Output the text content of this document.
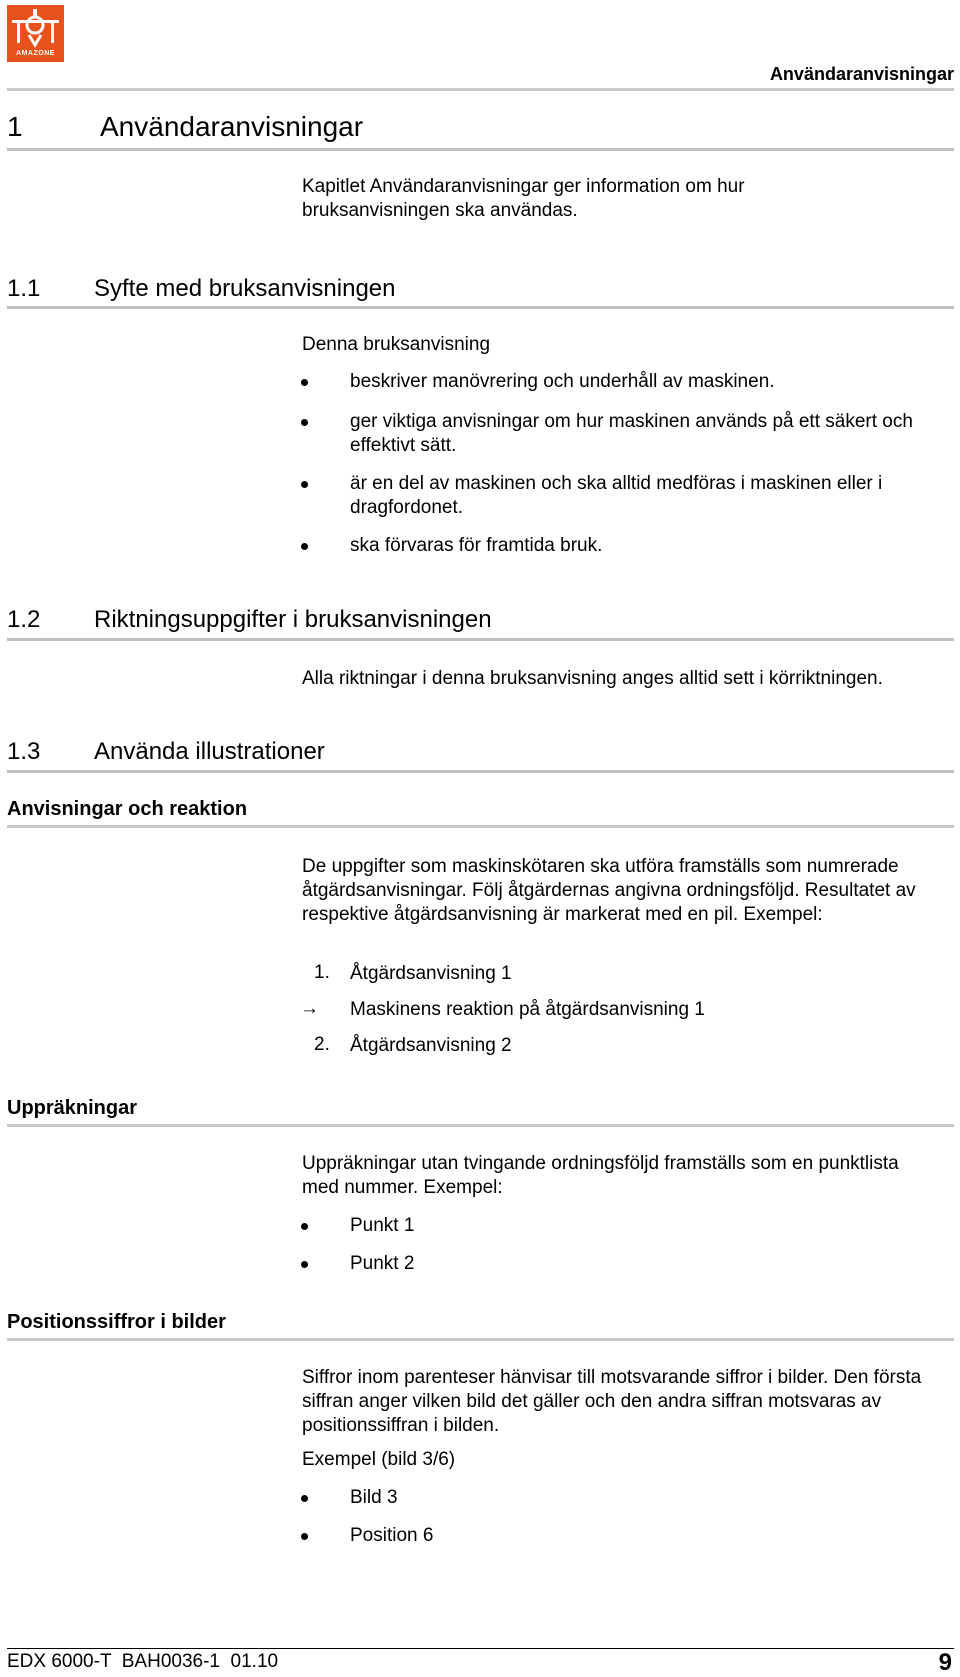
AMAZONE
Användaranvisningar
1	Användaranvisningar
Kapitlet Användaranvisningar ger information om hur bruksanvisningen ska användas.
1.1 Syfte med bruksanvisningen
Denna bruksanvisning
beskriver manövrering och underhåll av maskinen.
ger viktiga anvisningar om hur maskinen används på ett säkert och effektivt sätt.
är en del av maskinen och ska alltid medföras i maskinen eller i dragfordonet.
ska förvaras för framtida bruk.
1.2 Riktningsuppgifter i bruksanvisningen
Alla riktningar i denna bruksanvisning anges alltid sett i körriktningen.
1.3 Använda illustrationer
Anvisningar och reaktion
De uppgifter som maskinskötaren ska utföra framställs som numrerade åtgärdsanvisningar. Följ åtgärdernas angivna ordningsföljd. Resultatet av respektive åtgärdsanvisning är markerat med en pil. Exempel:
1. Åtgärdsanvisning 1
→ Maskinens reaktion på åtgärdsanvisning 1
2. Åtgärdsanvisning 2
Uppräkningar
Uppräkningar utan tvingande ordningsföljd framställs som en punktlista med nummer. Exempel:
Punkt 1
Punkt 2
Positionssiffror i bilder
Siffror inom parenteser hänvisar till motsvarande siffror i bilder. Den första siffran anger vilken bild det gäller och den andra siffran motsvaras av positionssiffran i bilden.
Exempel (bild 3/6)
Bild 3
Position 6
EDX 6000-T  BAH0036-1  01.10	9
